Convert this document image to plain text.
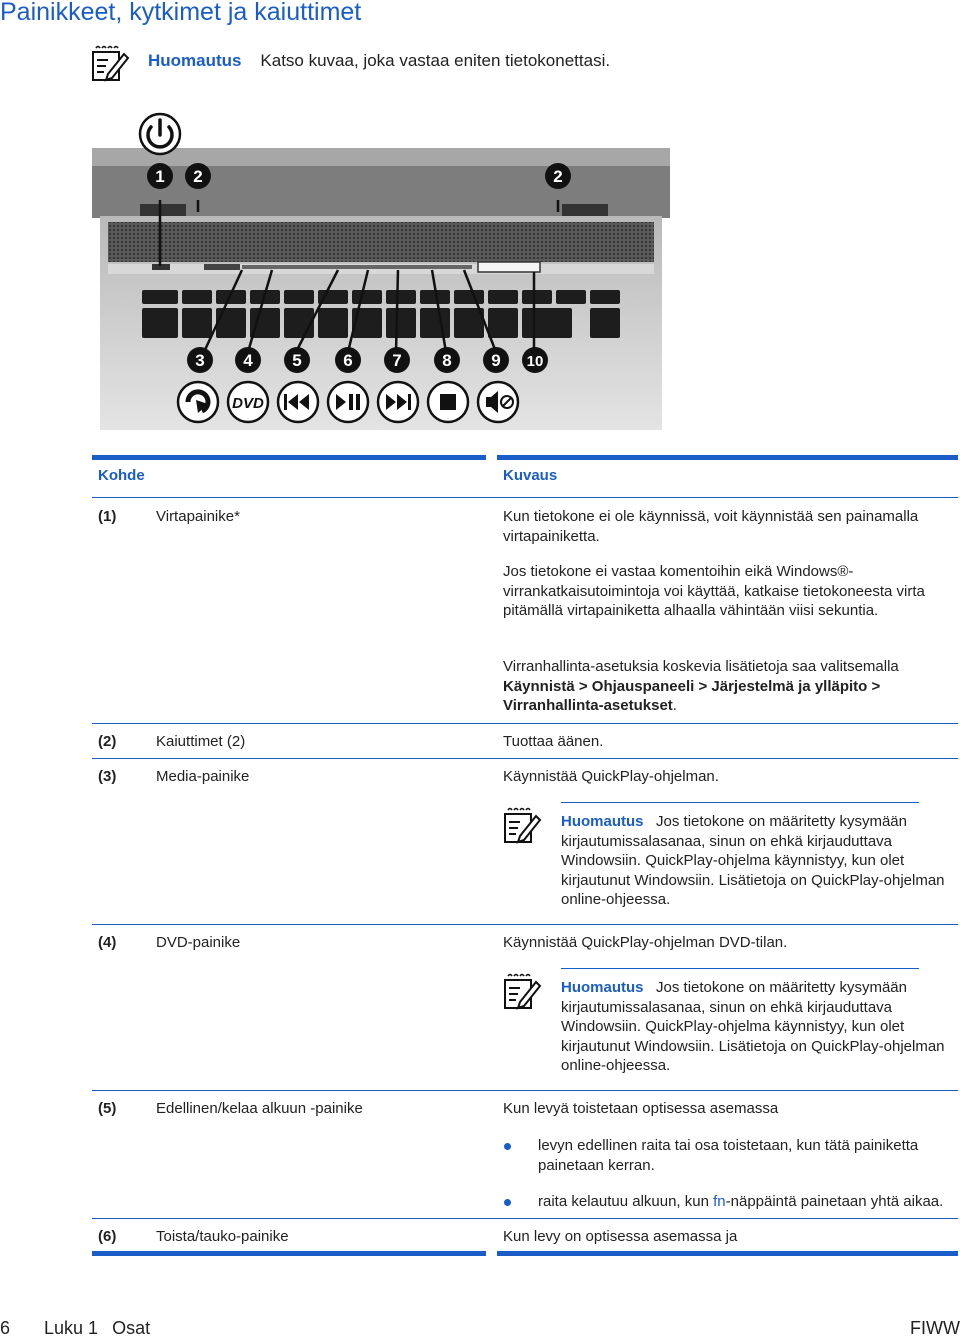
Painikkeet, kytkimet ja kaiuttimet
Huomautus Katso kuvaa, joka vastaa eniten tietokonettasi.
1 2	2
3 4 5 6 7 8 9 10
DVD
Kohde	Kuvaus
(1)	Virtapainike*	Kun tietokone ei ole käynnissä, voit käynnistää sen painamalla virtapainiketta.
Jos tietokone ei vastaa komentoihin eikä Windows®-virrankatkaisutoimintoja voi käyttää, katkaise tietokoneesta virta pitämällä virtapainiketta alhaalla vähintään viisi sekuntia.
Virranhallinta-asetuksia koskevia lisätietoja saa valitsemalla Käynnistä > Ohjauspaneeli > Järjestelmä ja ylläpito > Virranhallinta-asetukset.
(2)	Kaiuttimet (2)	Tuottaa äänen.
(3)	Media-painike	Käynnistää QuickPlay-ohjelman.
Huomautus Jos tietokone on määritetty kysymään kirjautumissalasanaa, sinun on ehkä kirjauduttava Windowsiin. QuickPlay-ohjelma käynnistyy, kun olet kirjautunut Windowsiin. Lisätietoja on QuickPlay-ohjelman online-ohjeessa.
(4)	DVD-painike	Käynnistää QuickPlay-ohjelman DVD-tilan.
Huomautus Jos tietokone on määritetty kysymään kirjautumissalasanaa, sinun on ehkä kirjauduttava Windowsiin. QuickPlay-ohjelma käynnistyy, kun olet kirjautunut Windowsiin. Lisätietoja on QuickPlay-ohjelman online-ohjeessa.
(5)	Edellinen/kelaa alkuun -painike	Kun levyä toistetaan optisessa asemassa
levyn edellinen raita tai osa toistetaan, kun tätä painiketta painetaan kerran.
raita kelautuu alkuun, kun fn-näppäintä painetaan yhtä aikaa.
(6)	Toista/tauko-painike	Kun levy on optisessa asemassa ja
6 Luku 1 Osat	FIWW
